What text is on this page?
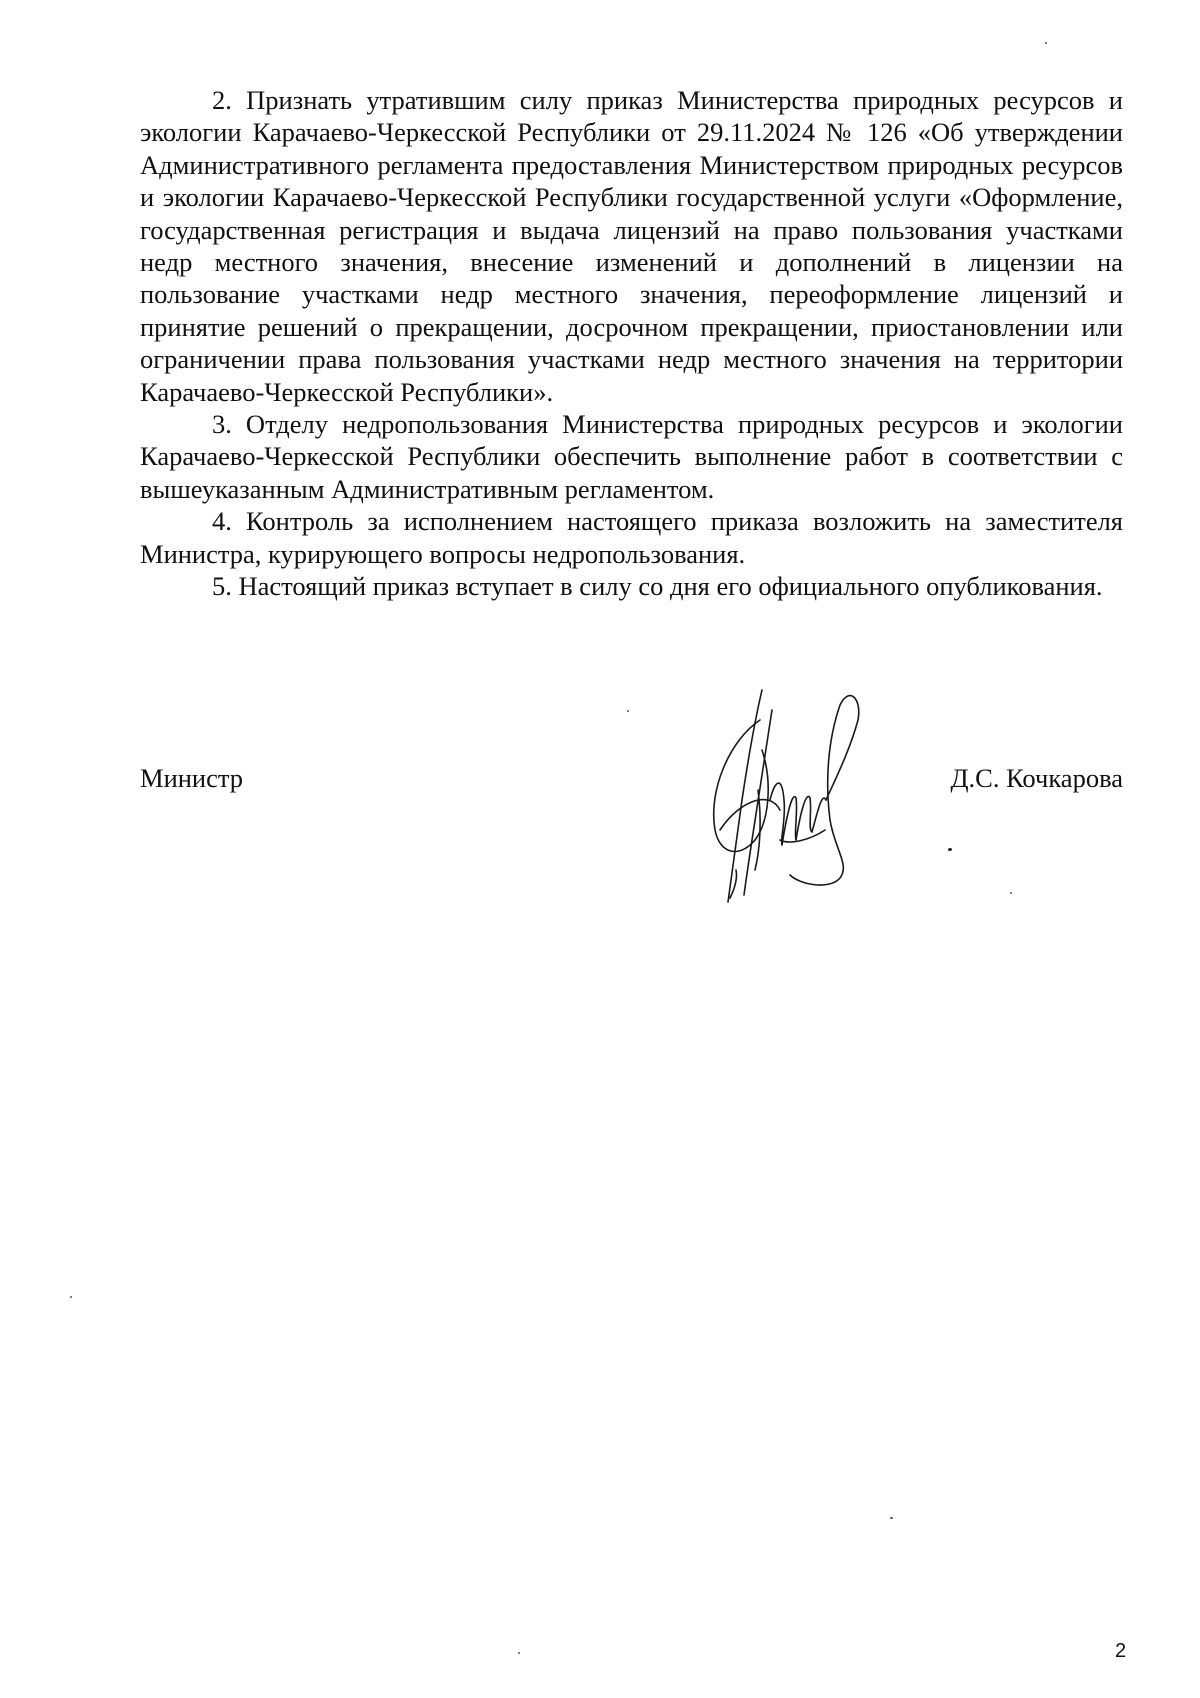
2. Признать утратившим силу приказ Министерства природных ресурсов и экологии Карачаево-Черкесской Республики от 29.11.2024 № 126 «Об утверждении Административного регламента предоставления Министерством природных ресурсов и экологии Карачаево-Черкесской Республики государственной услуги «Оформление, государственная регистрация и выдача лицензий на право пользования участками недр местного значения, внесение изменений и дополнений в лицензии на пользование участками недр местного значения, переоформление лицензий и принятие решений о прекращении, досрочном прекращении, приостановлении или ограничении права пользования участками недр местного значения на территории Карачаево-Черкесской Республики».

3. Отделу недропользования Министерства природных ресурсов и экологии Карачаево-Черкесской Республики обеспечить выполнение работ в соответствии с вышеуказанным Административным регламентом.

4. Контроль за исполнением настоящего приказа возложить на заместителя Министра, курирующего вопросы недропользования.

5. Настоящий приказ вступает в силу со дня его официального опубликования.

Министр	Д.С. Кочкарова
2
